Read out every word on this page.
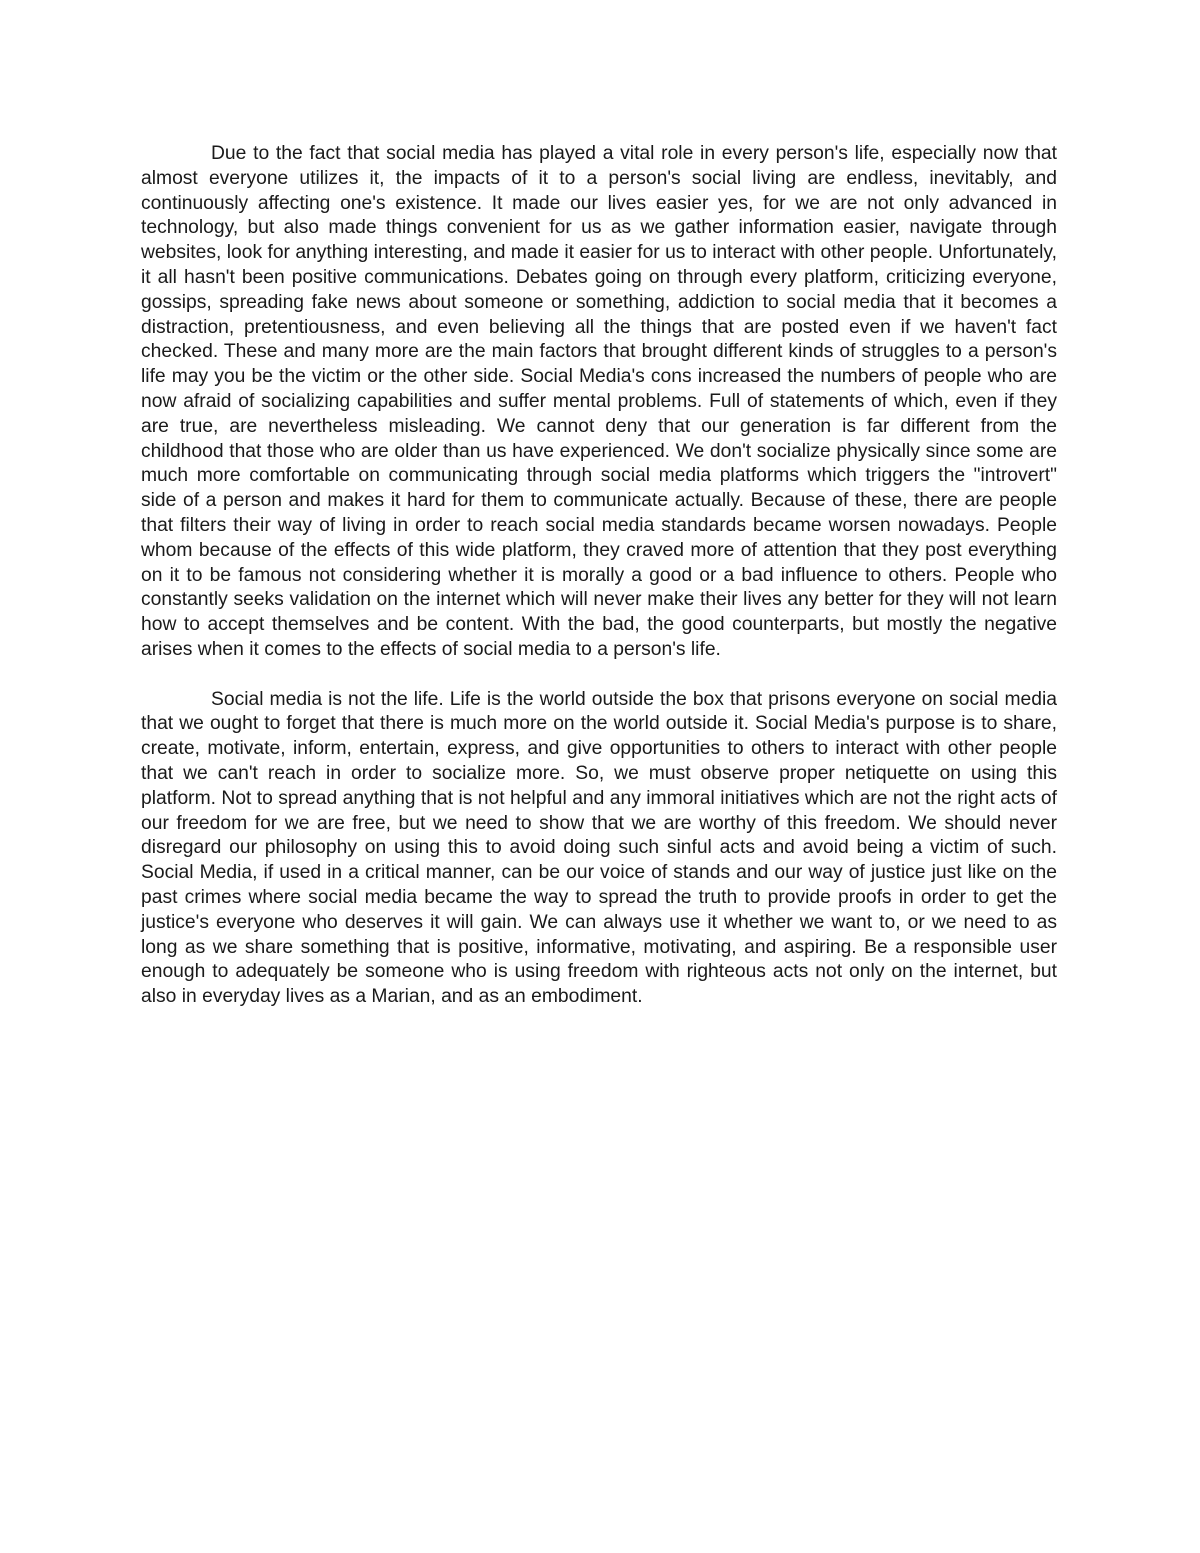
Due to the fact that social media has played a vital role in every person's life, especially now that almost everyone utilizes it, the impacts of it to a person's social living are endless, inevitably, and continuously affecting one's existence. It made our lives easier yes, for we are not only advanced in technology, but also made things convenient for us as we gather information easier, navigate through websites, look for anything interesting, and made it easier for us to interact with other people. Unfortunately, it all hasn't been positive communications. Debates going on through every platform, criticizing everyone, gossips, spreading fake news about someone or something, addiction to social media that it becomes a distraction, pretentiousness, and even believing all the things that are posted even if we haven't fact checked. These and many more are the main factors that brought different kinds of struggles to a person's life may you be the victim or the other side. Social Media's cons increased the numbers of people who are now afraid of socializing capabilities and suffer mental problems. Full of statements of which, even if they are true, are nevertheless misleading. We cannot deny that our generation is far different from the childhood that those who are older than us have experienced. We don't socialize physically since some are much more comfortable on communicating through social media platforms which triggers the "introvert" side of a person and makes it hard for them to communicate actually. Because of these, there are people that filters their way of living in order to reach social media standards became worsen nowadays. People whom because of the effects of this wide platform, they craved more of attention that they post everything on it to be famous not considering whether it is morally a good or a bad influence to others. People who constantly seeks validation on the internet which will never make their lives any better for they will not learn how to accept themselves and be content. With the bad, the good counterparts, but mostly the negative arises when it comes to the effects of social media to a person's life.

Social media is not the life. Life is the world outside the box that prisons everyone on social media that we ought to forget that there is much more on the world outside it. Social Media's purpose is to share, create, motivate, inform, entertain, express, and give opportunities to others to interact with other people that we can't reach in order to socialize more. So, we must observe proper netiquette on using this platform. Not to spread anything that is not helpful and any immoral initiatives which are not the right acts of our freedom for we are free, but we need to show that we are worthy of this freedom. We should never disregard our philosophy on using this to avoid doing such sinful acts and avoid being a victim of such. Social Media, if used in a critical manner, can be our voice of stands and our way of justice just like on the past crimes where social media became the way to spread the truth to provide proofs in order to get the justice's everyone who deserves it will gain. We can always use it whether we want to, or we need to as long as we share something that is positive, informative, motivating, and aspiring. Be a responsible user enough to adequately be someone who is using freedom with righteous acts not only on the internet, but also in everyday lives as a Marian, and as an embodiment.
